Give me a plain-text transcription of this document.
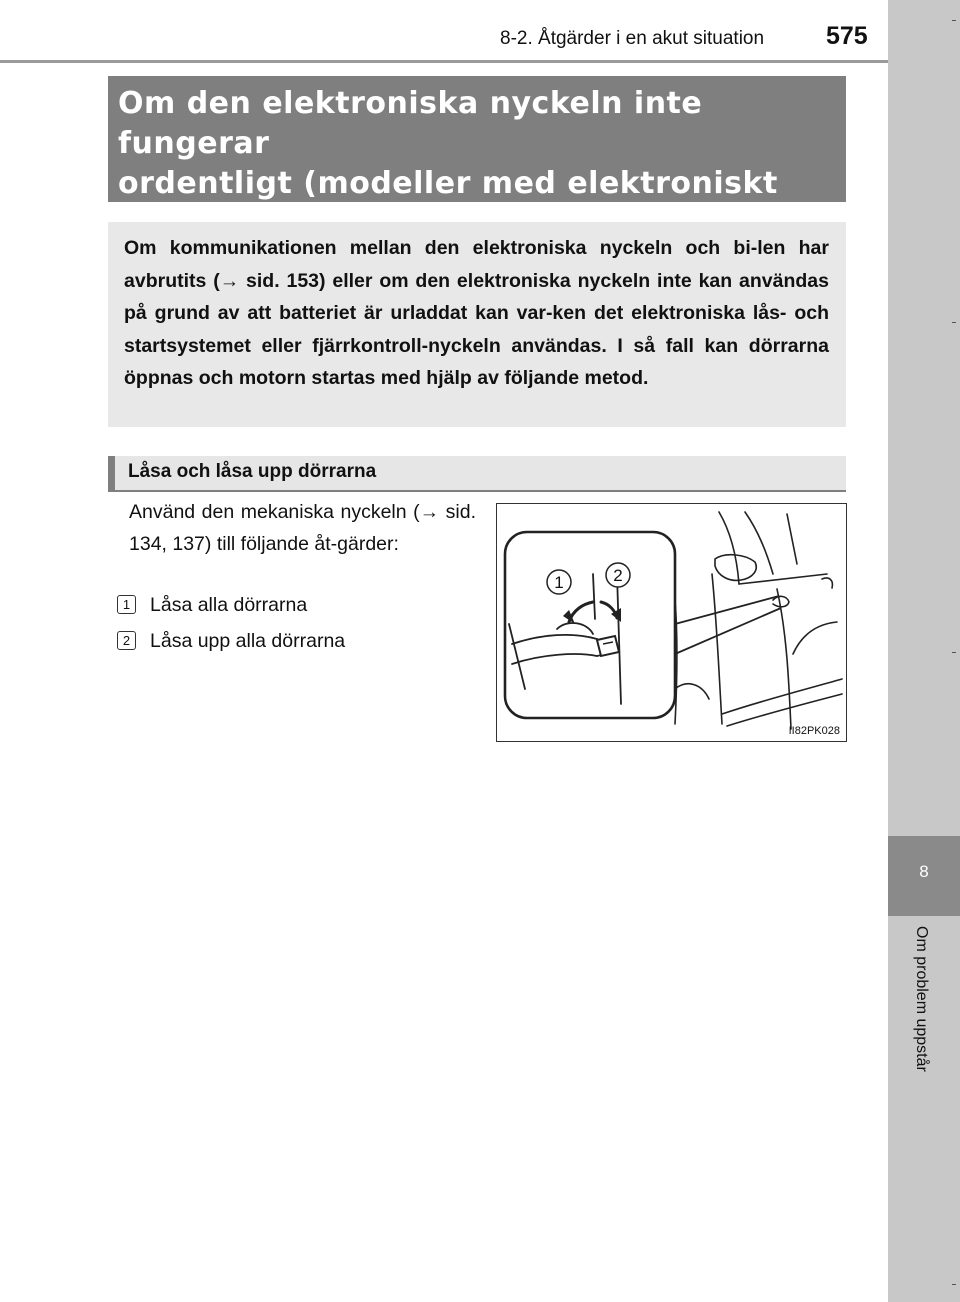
8-2. Åtgärder i en akut situation 575
8
Om problem uppstår
Om den elektroniska nyckeln inte fungerar
ordentligt (modeller med elektroniskt
Om kommunikationen mellan den elektroniska nyckeln och bi-len har avbrutits (→ sid. 153) eller om den elektroniska nyckeln inte kan användas på grund av att batteriet är urladdat kan var-ken det elektroniska lås- och startsystemet eller fjärrkontroll-nyckeln användas. I så fall kan dörrarna öppnas och motorn startas med hjälp av följande metod.
Låsa och låsa upp dörrarna
Använd den mekaniska nyckeln (→ sid. 134, 137) till följande åt-gärder:
1 Låsa alla dörrarna
2 Låsa upp alla dörrarna
1	2
II82PK028
